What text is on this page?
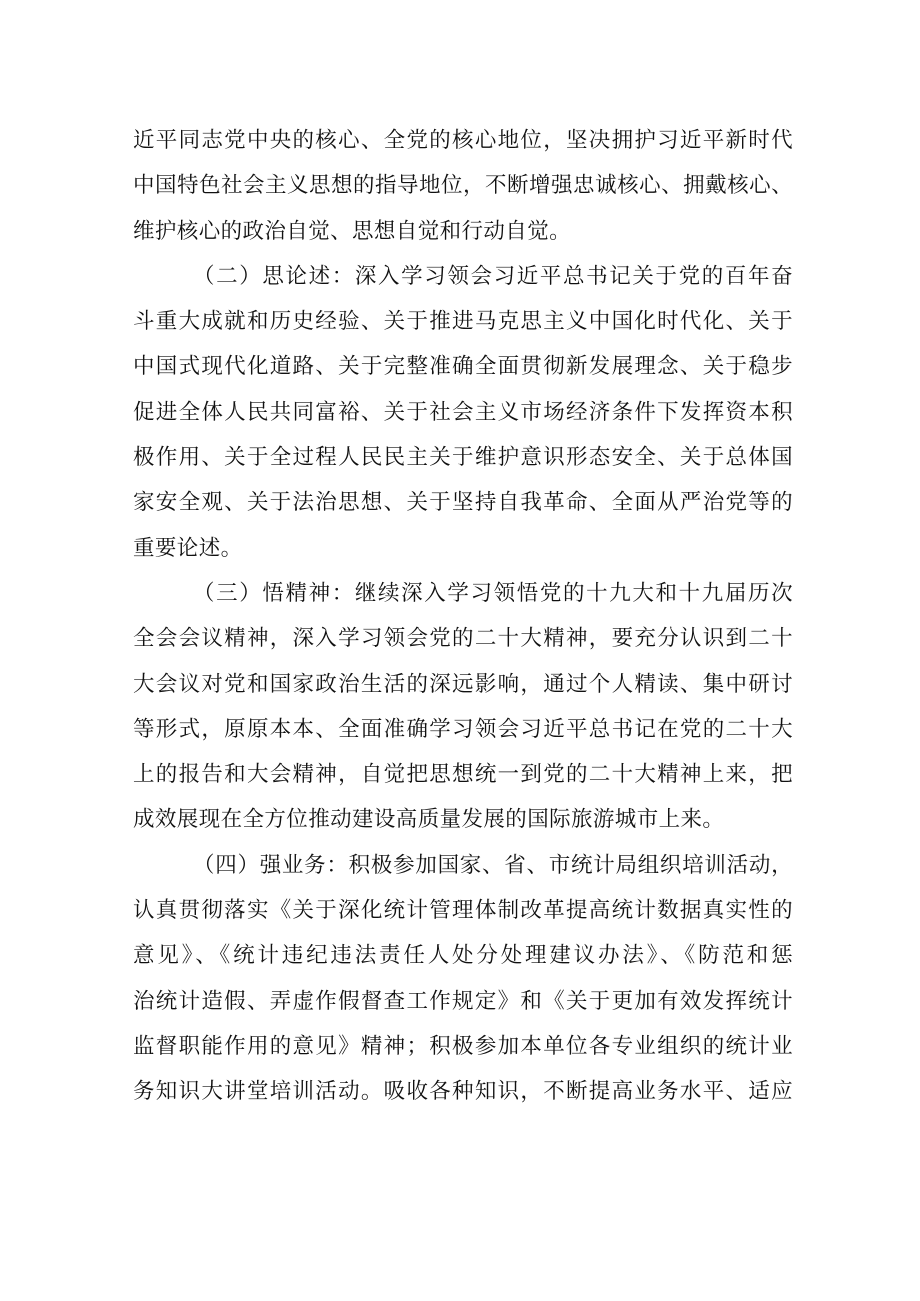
近平同志党中央的核心、全党的核心地位，坚决拥护习近平新时代
中国特色社会主义思想的指导地位，不断增强忠诚核心、拥戴核心、
维护核心的政治自觉、思想自觉和行动自觉。
（二）思论述：深入学习领会习近平总书记关于党的百年奋
斗重大成就和历史经验、关于推进马克思主义中国化时代化、关于
中国式现代化道路、关于完整准确全面贯彻新发展理念、关于稳步
促进全体人民共同富裕、关于社会主义市场经济条件下发挥资本积
极作用、关于全过程人民民主关于维护意识形态安全、关于总体国
家安全观、关于法治思想、关于坚持自我革命、全面从严治党等的
重要论述。
（三）悟精神：继续深入学习领悟党的十九大和十九届历次
全会会议精神，深入学习领会党的二十大精神，要充分认识到二十
大会议对党和国家政治生活的深远影响，通过个人精读、集中研讨
等形式，原原本本、全面准确学习领会习近平总书记在党的二十大
上的报告和大会精神，自觉把思想统一到党的二十大精神上来，把
成效展现在全方位推动建设高质量发展的国际旅游城市上来。
（四）强业务：积极参加国家、省、市统计局组织培训活动，
认真贯彻落实《关于深化统计管理体制改革提高统计数据真实性的
意见》、《统计违纪违法责任人处分处理建议办法》、《防范和惩
治统计造假、弄虚作假督查工作规定》和《关于更加有效发挥统计
监督职能作用的意见》精神；积极参加本单位各专业组织的统计业
务知识大讲堂培训活动。吸收各种知识，不断提高业务水平、适应
